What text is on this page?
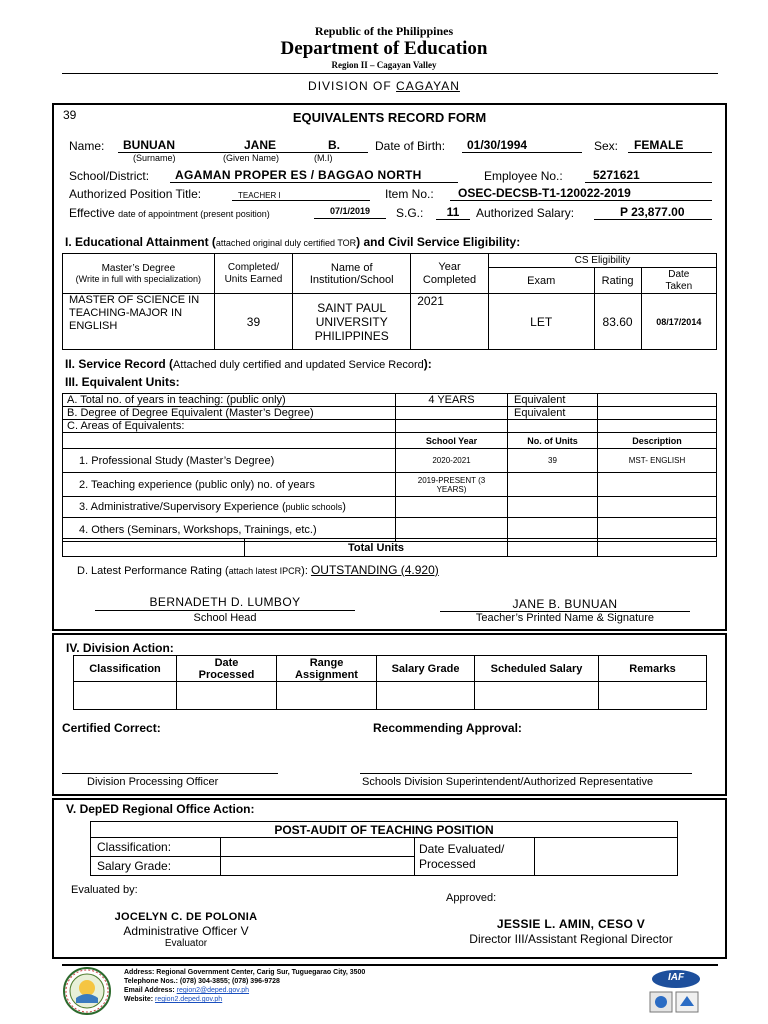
Republic of the Philippines
Department of Education
Region II – Cagayan Valley
DIVISION OF CAGAYAN
39	EQUIVALENTS RECORD FORM
Name:	BUNUAN	JANE	B.
(Surname)	(Given Name)	(M.I)
Date of Birth:	01/30/1994	Sex:	FEMALE
School/District:	AGAMAN PROPER ES / BAGGAO NORTH	Employee No.:	5271621
Authorized Position Title:	TEACHER I	Item No.:	OSEC-DECSB-T1-120022-2019
Effective date of appointment (present position)	07/1/2019	S.G.:	11	Authorized Salary:	P 23,877.00
I. Educational Attainment (attached original duly certified TOR) and Civil Service Eligibility:
Master’s Degree
(Write in full with specialization)	Completed/ Units Earned	Name of Institution/School	Year Completed	CS Eligibility		
				Exam	Rating	Date Taken
MASTER OF SCIENCE IN TEACHING-MAJOR IN ENGLISH	39	SAINT PAUL UNIVERSITY PHILIPPINES	2021	LET	83.60	08/17/2014
II. Service Record (Attached duly certified and updated Service Record):
III. Equivalent Units:
A. Total no. of years in teaching: (public only)	4 YEARS	Equivalent	
B. Degree of Degree Equivalent (Master’s Degree)		Equivalent	
C. Areas of Equivalents:			
	School Year	No. of Units	Description
1. Professional Study (Master’s Degree)	2020-2021	39	MST- ENGLISH
2. Teaching experience (public only) no. of years	2019-PRESENT (3 YEARS)		
3. Administrative/Supervisory Experience (public schools)			
4. Others (Seminars, Workshops, Trainings, etc.)			
	Total Units		
D. Latest Performance Rating (attach latest IPCR): OUTSTANDING (4.920)
BERNADETH D. LUMBOY
School Head
JANE B. BUNUAN
Teacher’s Printed Name & Signature
IV. Division Action:
Classification	Date Processed	Range Assignment	Salary Grade	Scheduled Salary	Remarks

Certified Correct:	Recommending Approval:
Division Processing Officer	Schools Division Superintendent/Authorized Representative
V. DepED Regional Office Action:
POST-AUDIT OF TEACHING POSITION			
Classification:		Date Evaluated/ Processed	
Salary Grade:			
Evaluated by:
Approved:
JOCELYN C. DE POLONIA
Administrative Officer V
Evaluator
JESSIE L. AMIN, CESO V
Director III/Assistant Regional Director
Address: Regional Government Center, Carig Sur, Tuguegarao City, 3500
Telephone Nos.: (078) 304-3855; (078) 396-9728
Email Address: region2@deped.gov.ph
Website: region2.deped.gov.ph
IAF
